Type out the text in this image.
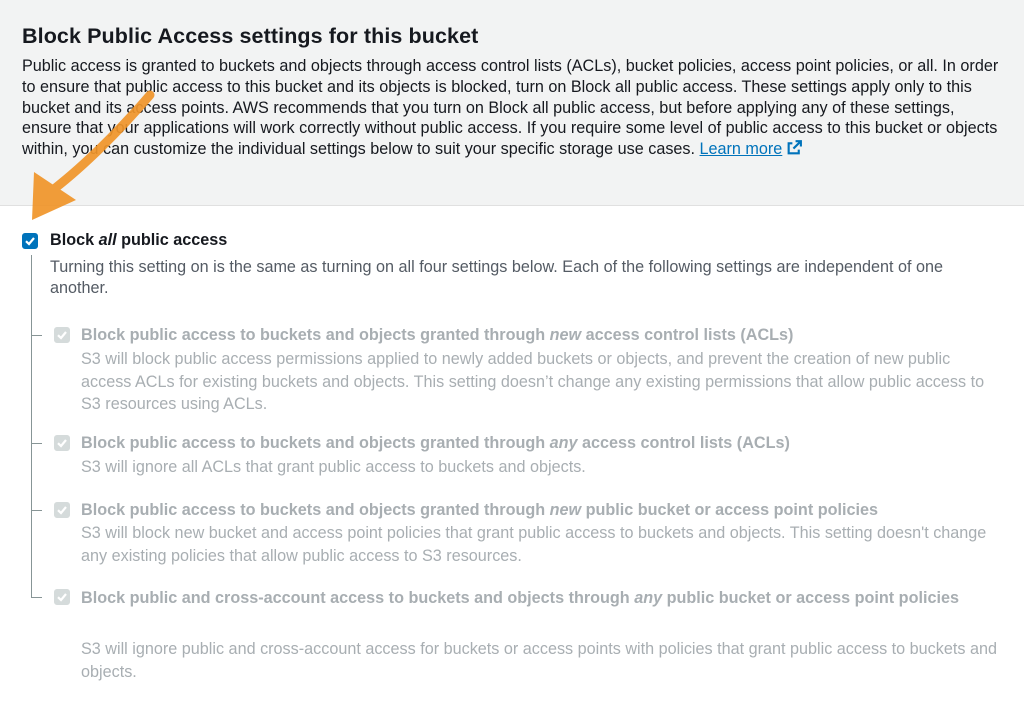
Block Public Access settings for this bucket

Public access is granted to buckets and objects through access control lists (ACLs), bucket policies, access point policies, or all. In order to ensure that public access to this bucket and its objects is blocked, turn on Block all public access. These settings apply only to this bucket and its access points. AWS recommends that you turn on Block all public access, but before applying any of these settings, ensure that your applications will work correctly without public access. If you require some level of public access to this bucket or objects within, you can customize the individual settings below to suit your specific storage use cases. Learn more

Block all public access

Turning this setting on is the same as turning on all four settings below. Each of the following settings are independent of one another.

Block public access to buckets and objects granted through new access control lists (ACLs)

S3 will block public access permissions applied to newly added buckets or objects, and prevent the creation of new public access ACLs for existing buckets and objects. This setting doesn’t change any existing permissions that allow public access to S3 resources using ACLs.

Block public access to buckets and objects granted through any access control lists (ACLs)

S3 will ignore all ACLs that grant public access to buckets and objects.

Block public access to buckets and objects granted through new public bucket or access point policies

S3 will block new bucket and access point policies that grant public access to buckets and objects. This setting doesn't change any existing policies that allow public access to S3 resources.

Block public and cross-account access to buckets and objects through any public bucket or access point policies

S3 will ignore public and cross-account access for buckets or access points with policies that grant public access to buckets and objects.
